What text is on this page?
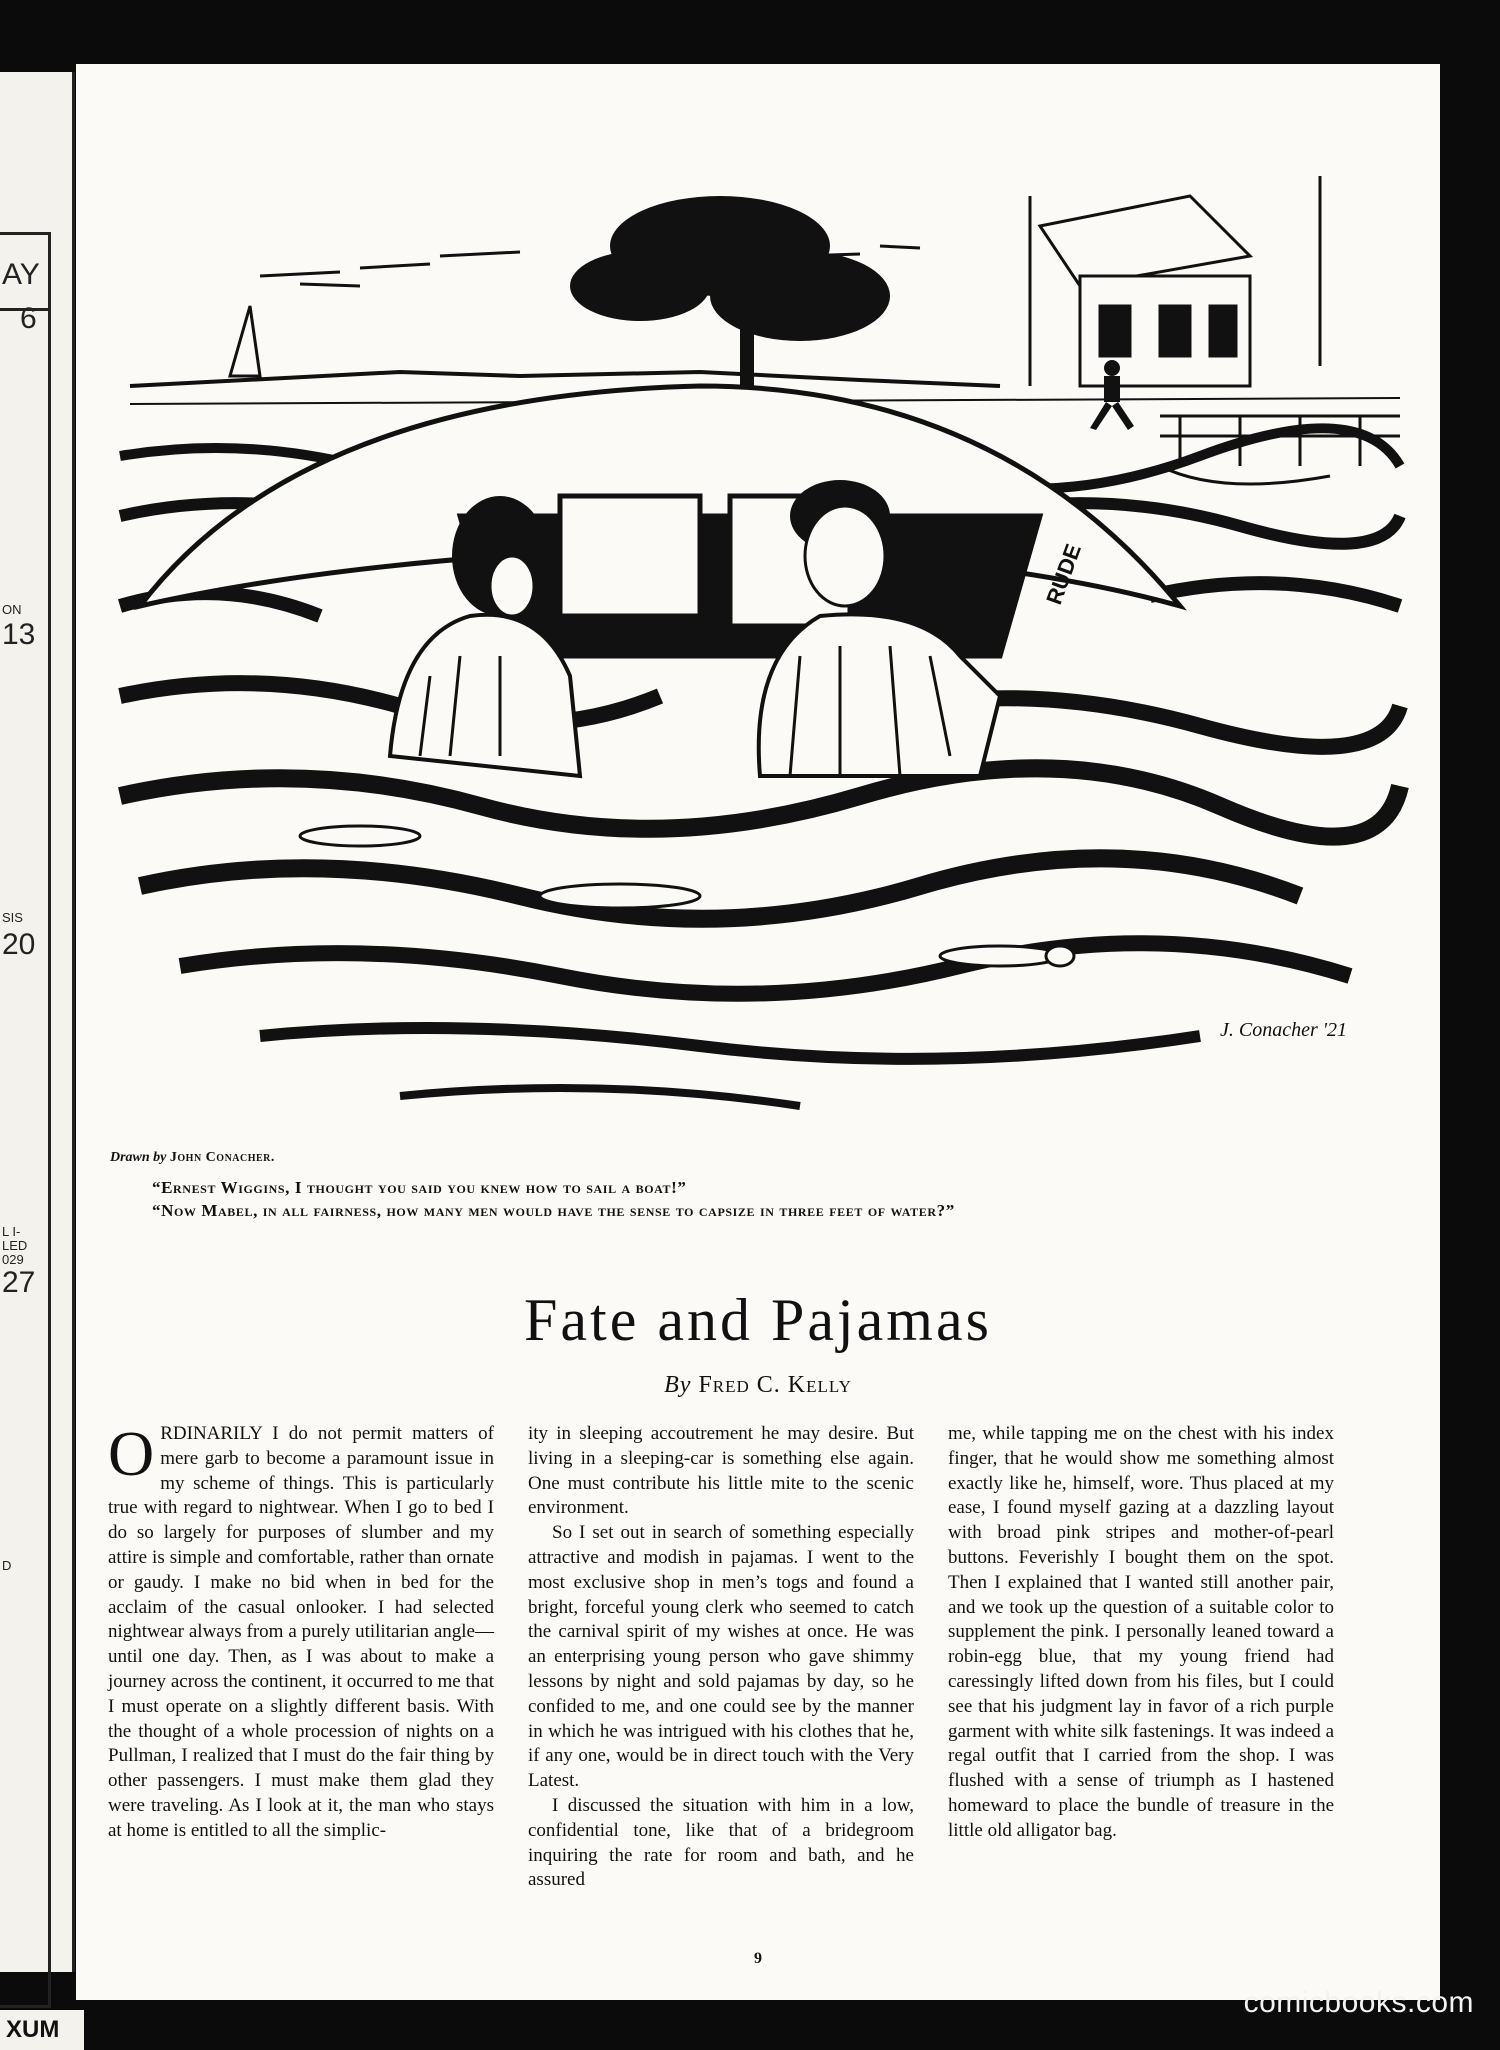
AY
6
ON
13
SIS
20
L I-
LED
029
27
D
XUM
RUDE
J. Conacher '21
Drawn by John Conacher.
“Ernest Wiggins, I thought you said you knew how to sail a boat!”
“Now Mabel, in all fairness, how many men would have the sense to capsize in three feet of water?”
Fate and Pajamas
By Fred C. Kelly

ORDINARILY I do not permit matters of mere garb to become a paramount issue in my scheme of things. This is particularly true with regard to nightwear. When I go to bed I do so largely for purposes of slumber and my attire is simple and comfortable, rather than ornate or gaudy. I make no bid when in bed for the acclaim of the casual onlooker. I had selected nightwear always from a purely utilitarian angle—until one day. Then, as I was about to make a journey across the continent, it occurred to me that I must operate on a slightly different basis. With the thought of a whole procession of nights on a Pullman, I realized that I must do the fair thing by other passengers. I must make them glad they were traveling. As I look at it, the man who stays at home is entitled to all the simplic-

ity in sleeping accoutrement he may desire. But living in a sleeping-car is something else again. One must contribute his little mite to the scenic environment.

So I set out in search of something especially attractive and modish in pajamas. I went to the most exclusive shop in men’s togs and found a bright, forceful young clerk who seemed to catch the carnival spirit of my wishes at once. He was an enterprising young person who gave shimmy lessons by night and sold pajamas by day, so he confided to me, and one could see by the manner in which he was intrigued with his clothes that he, if any one, would be in direct touch with the Very Latest.

I discussed the situation with him in a low, confidential tone, like that of a bridegroom inquiring the rate for room and bath, and he assured

me, while tapping me on the chest with his index finger, that he would show me something almost exactly like he, himself, wore. Thus placed at my ease, I found myself gazing at a dazzling layout with broad pink stripes and mother-of-pearl buttons. Feverishly I bought them on the spot. Then I explained that I wanted still another pair, and we took up the question of a suitable color to supplement the pink. I personally leaned toward a robin-egg blue, that my young friend had caressingly lifted down from his files, but I could see that his judgment lay in favor of a rich purple garment with white silk fastenings. It was indeed a regal outfit that I carried from the shop. I was flushed with a sense of triumph as I hastened homeward to place the bundle of treasure in the little old alligator bag.

9
comicbooks.com
